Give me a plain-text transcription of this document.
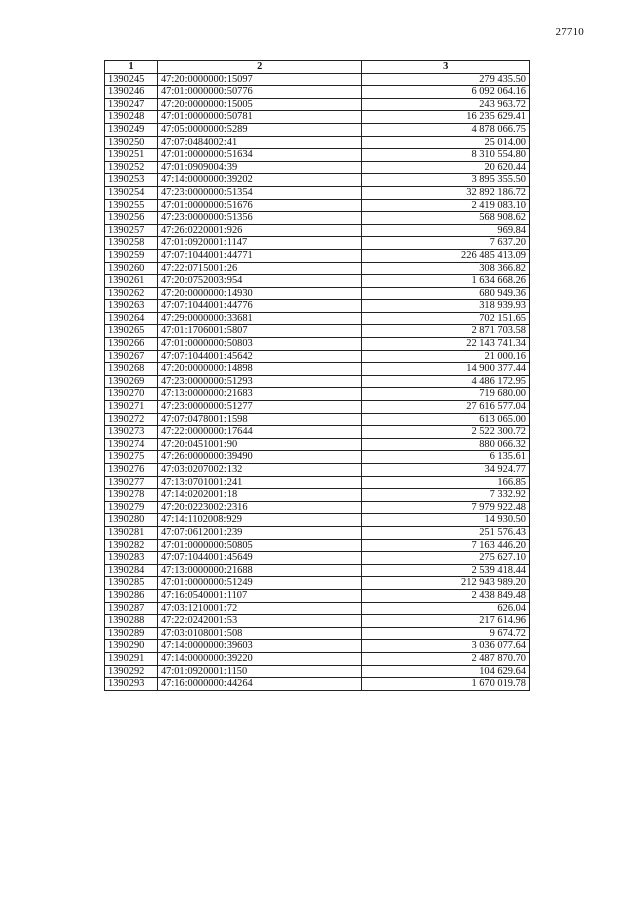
27710
1	2	3
1390245	47:20:0000000:15097	279 435.50
1390246	47:01:0000000:50776	6 092 064.16
1390247	47:20:0000000:15005	243 963.72
1390248	47:01:0000000:50781	16 235 629.41
1390249	47:05:0000000:5289	4 878 066.75
1390250	47:07:0484002:41	25 014.00
1390251	47:01:0000000:51634	8 310 554.80
1390252	47:01:0909004:39	20 620.44
1390253	47:14:0000000:39202	3 895 355.50
1390254	47:23:0000000:51354	32 892 186.72
1390255	47:01:0000000:51676	2 419 083.10
1390256	47:23:0000000:51356	568 908.62
1390257	47:26:0220001:926	969.84
1390258	47:01:0920001:1147	7 637.20
1390259	47:07:1044001:44771	226 485 413.09
1390260	47:22:0715001:26	308 366.82
1390261	47:20:0752003:954	1 634 668.26
1390262	47:20:0000000:14930	680 949.36
1390263	47:07:1044001:44776	318 939.93
1390264	47:29:0000000:33681	702 151.65
1390265	47:01:1706001:5807	2 871 703.58
1390266	47:01:0000000:50803	22 143 741.34
1390267	47:07:1044001:45642	21 000.16
1390268	47:20:0000000:14898	14 900 377.44
1390269	47:23:0000000:51293	4 486 172.95
1390270	47:13:0000000:21683	719 680.00
1390271	47:23:0000000:51277	27 616 577.04
1390272	47:07:0478001:1598	613 065.00
1390273	47:22:0000000:17644	2 522 300.72
1390274	47:20:0451001:90	880 066.32
1390275	47:26:0000000:39490	6 135.61
1390276	47:03:0207002:132	34 924.77
1390277	47:13:0701001:241	166.85
1390278	47:14:0202001:18	7 332.92
1390279	47:20:0223002:2316	7 979 922.48
1390280	47:14:1102008:929	14 930.50
1390281	47:07:0612001:239	251 576.43
1390282	47:01:0000000:50805	7 163 446.20
1390283	47:07:1044001:45649	275 627.10
1390284	47:13:0000000:21688	2 539 418.44
1390285	47:01:0000000:51249	212 943 989.20
1390286	47:16:0540001:1107	2 438 849.48
1390287	47:03:1210001:72	626.04
1390288	47:22:0242001:53	217 614.96
1390289	47:03:0108001:508	9 674.72
1390290	47:14:0000000:39603	3 036 077.64
1390291	47:14:0000000:39220	2 487 870.70
1390292	47:01:0920001:1150	104 629.64
1390293	47:16:0000000:44264	1 670 019.78
